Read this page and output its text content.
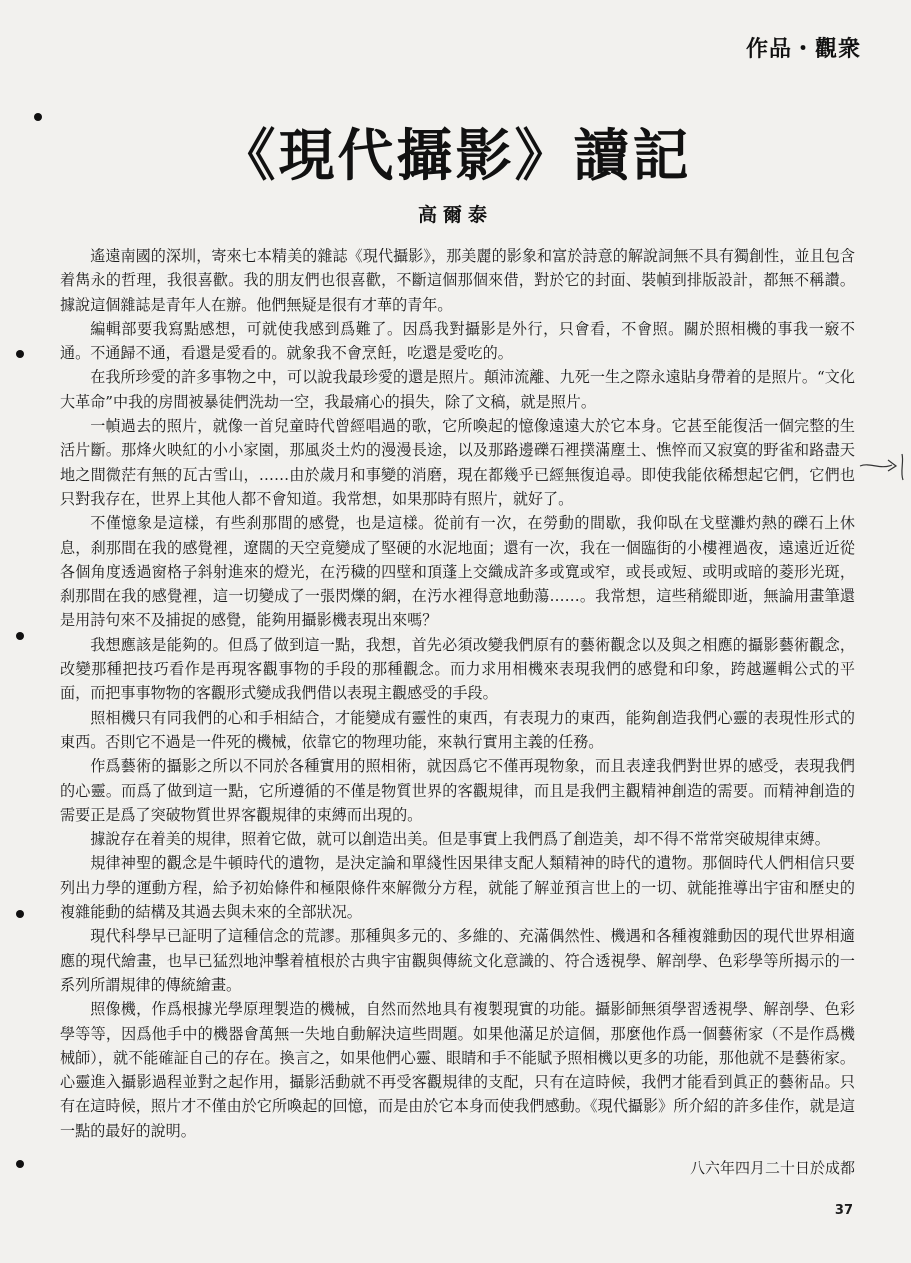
作品・觀衆
《現代攝影》讀記
高爾泰

遙遠南國的深圳，寄來七本精美的雜誌《現代攝影》，那美麗的影象和富於詩意的解說詞無不具有獨創性，並且包含着雋永的哲理，我很喜歡。我的朋友們也很喜歡，不斷這個那個來借，對於它的封面、裝幀到排版設計，都無不稱讚。據說這個雜誌是青年人在辦。他們無疑是很有才華的青年。

編輯部要我寫點感想，可就使我感到爲難了。因爲我對攝影是外行，只會看，不會照。關於照相機的事我一竅不通。不通歸不通，看還是愛看的。就象我不會烹飪，吃還是愛吃的。

在我所珍愛的許多事物之中，可以說我最珍愛的還是照片。顛沛流離、九死一生之際永遠貼身帶着的是照片。“文化大革命”中我的房間被暴徒們洗劫一空，我最痛心的損失，除了文稿，就是照片。

一幀過去的照片，就像一首兒童時代曾經唱過的歌，它所喚起的憶像遠遠大於它本身。它甚至能復活一個完整的生活片斷。那烽火映紅的小小家園，那風炎土灼的漫漫長途，以及那路邊礫石裡撲滿塵土、憔悴而又寂寞的野雀和路盡天地之間微茫有無的瓦古雪山，……由於歲月和事變的消磨，現在都幾乎已經無復追尋。即使我能依稀想起它們，它們也只對我存在，世界上其他人都不會知道。我常想，如果那時有照片，就好了。

不僅憶象是這樣，有些刹那間的感覺，也是這樣。從前有一次，在勞動的間歇，我仰臥在戈壁灘灼熱的礫石上休息，刹那間在我的感覺裡，遼闊的天空竟變成了堅硬的水泥地面；還有一次，我在一個臨街的小樓裡過夜，遠遠近近從各個角度透過窗格子斜射進來的燈光，在汚穢的四壁和頂蓬上交織成許多或寬或窄，或長或短、或明或暗的菱形光斑，刹那間在我的感覺裡，這一切變成了一張閃爍的網，在汚水裡得意地動蕩……。我常想，這些稍縱即逝，無論用畫筆還是用詩句來不及捕捉的感覺，能夠用攝影機表現出來嗎？

我想應該是能夠的。但爲了做到這一點，我想，首先必須改變我們原有的藝術觀念以及與之相應的攝影藝術觀念，改變那種把技巧看作是再現客觀事物的手段的那種觀念。而力求用相機來表現我們的感覺和印象，跨越邏輯公式的平面，而把事事物物的客觀形式變成我們借以表現主觀感受的手段。

照相機只有同我們的心和手相結合，才能變成有靈性的東西，有表現力的東西，能夠創造我們心靈的表現性形式的東西。否則它不過是一件死的機械，依靠它的物理功能，來執行實用主義的任務。

作爲藝術的攝影之所以不同於各種實用的照相術，就因爲它不僅再現物象，而且表達我們對世界的感受，表現我們的心靈。而爲了做到這一點，它所遵循的不僅是物質世界的客觀規律，而且是我們主觀精神創造的需要。而精神創造的需要正是爲了突破物質世界客觀規律的束縛而出現的。

據說存在着美的規律，照着它做，就可以創造出美。但是事實上我們爲了創造美，却不得不常常突破規律束縛。

規律神聖的觀念是牛頓時代的遺物，是決定論和單綫性因果律支配人類精神的時代的遺物。那個時代人們相信只要列出力學的運動方程，給予初始條件和極限條件來解微分方程，就能了解並預言世上的一切、就能推導出宇宙和歷史的複雜能動的結構及其過去與未來的全部狀况。

現代科學早已証明了這種信念的荒謬。那種與多元的、多維的、充滿偶然性、機遇和各種複雜動因的現代世界相適應的現代繪畫，也早已猛烈地沖擊着植根於古典宇宙觀與傳統文化意識的、符合透視學、解剖學、色彩學等所揭示的一系列所謂規律的傳統繪畫。

照像機，作爲根據光學原理製造的機械，自然而然地具有複製現實的功能。攝影師無須學習透視學、解剖學、色彩學等等，因爲他手中的機器會萬無一失地自動解決這些問題。如果他滿足於這個，那麼他作爲一個藝術家（不是作爲機械師），就不能確証自己的存在。換言之，如果他們心靈、眼睛和手不能賦予照相機以更多的功能，那他就不是藝術家。心靈進入攝影過程並對之起作用，攝影活動就不再受客觀規律的支配，只有在這時候，我們才能看到眞正的藝術品。只有在這時候，照片才不僅由於它所喚起的回憶，而是由於它本身而使我們感動。《現代攝影》所介紹的許多佳作，就是這一點的最好的說明。

八六年四月二十日於成都
37
